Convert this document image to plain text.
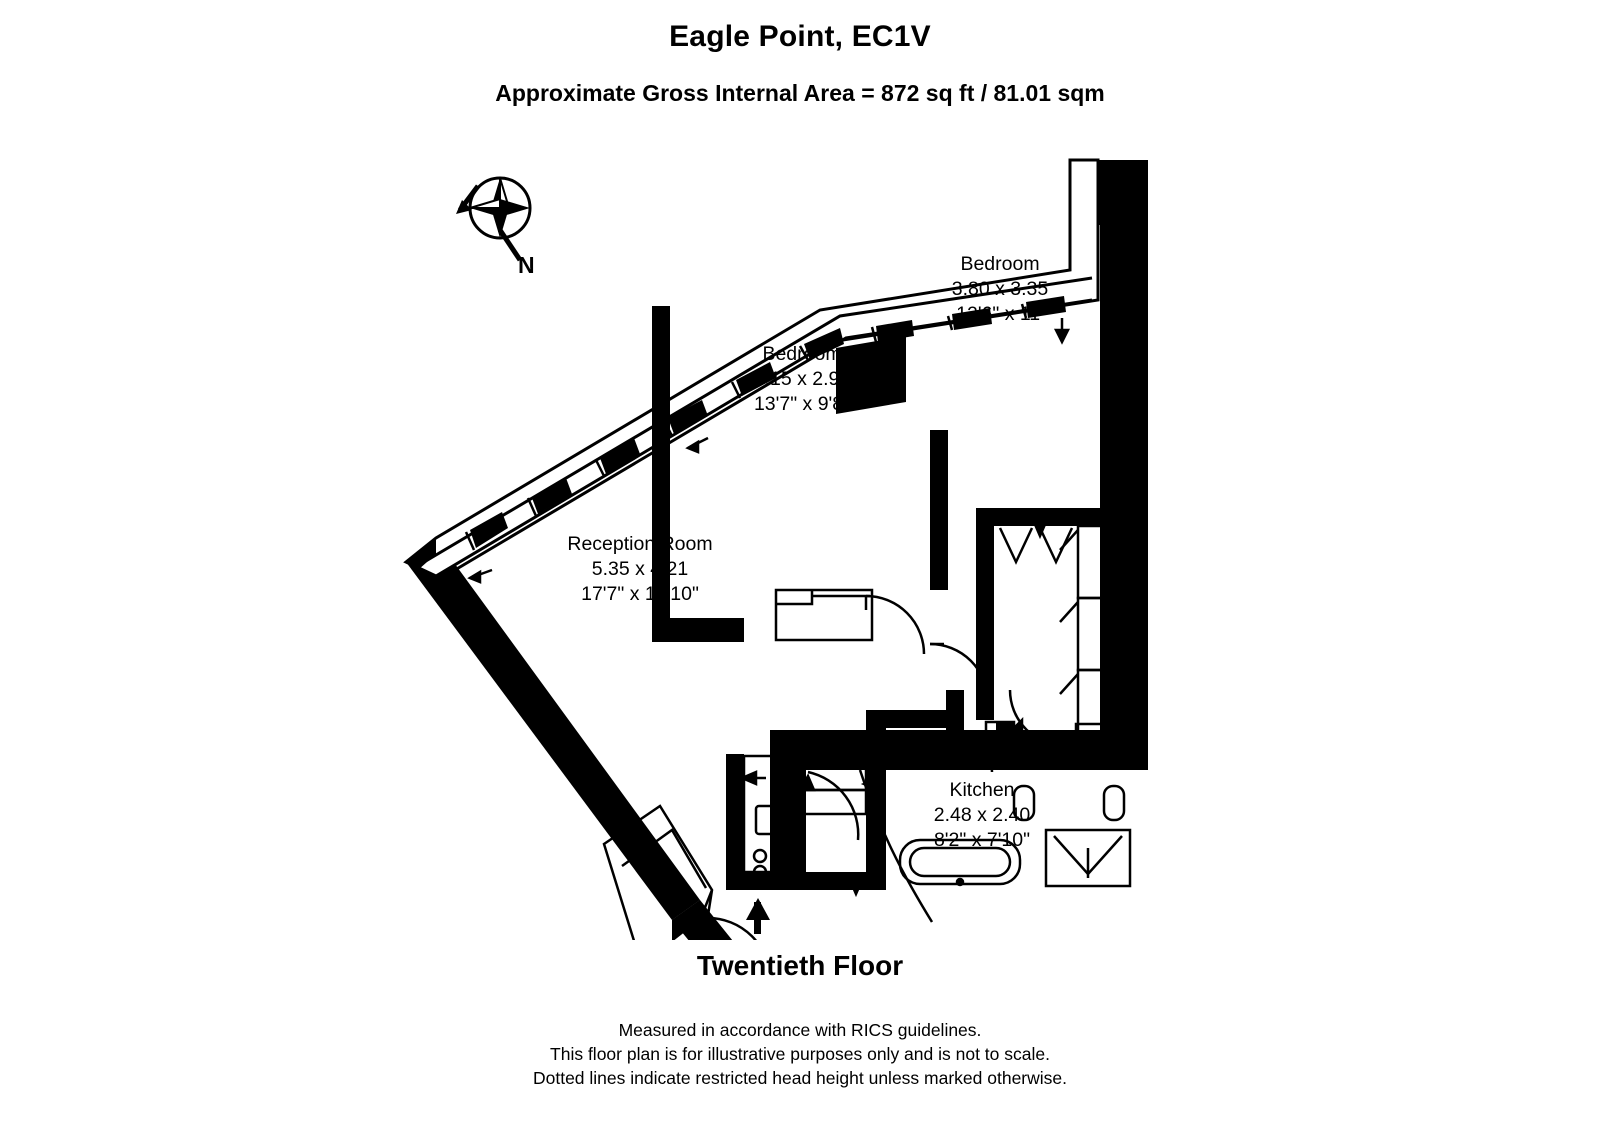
Eagle Point, EC1V
Approximate Gross Internal Area = 872 sq ft / 81.01 sqm
Bedroom
3.80 x 3.35
12'6" x 11'
Bedroom
4.15 x 2.95
13'7" x 9'8"
Reception Room
5.35 x 4.21
17'7" x 13'10"
Kitchen
2.48 x 2.40
8'2" x 7'10"
N
Twentieth Floor
Measured in accordance with RICS guidelines.
This floor plan is for illustrative purposes only and is not to scale.
Dotted lines indicate restricted head height unless marked otherwise.
